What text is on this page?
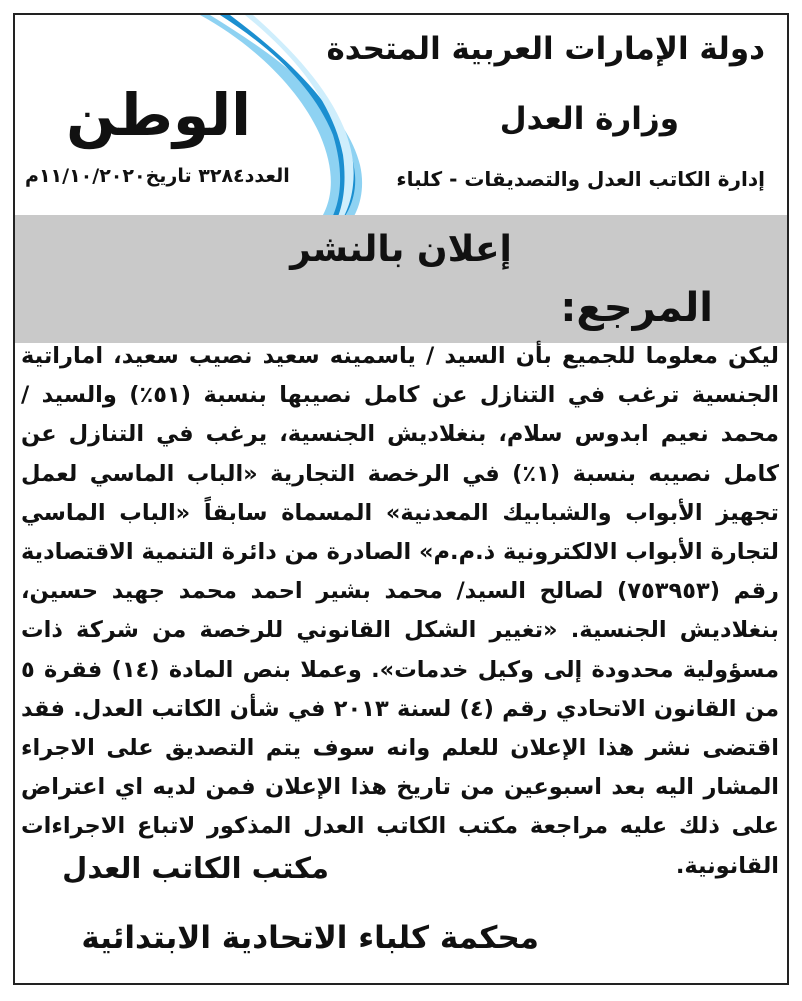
دولة الإمارات العربية المتحدة
وزارة العدل
إدارة الكاتب العدل والتصديقات - كلباء
الوطن
العدد٣٢٨٤ تاريخ١١/١٠/٢٠٢٠م
إعلان بالنشر
المرجع:
ليكن معلوما للجميع بأن السيد / ياسمينه سعيد نصيب سعيد، اماراتية الجنسية ترغب في التنازل عن كامل نصيبها بنسبة (٥١٪) والسيد / محمد نعيم ابدوس سلام، بنغلاديش الجنسية، يرغب في التنازل عن كامل نصيبه بنسبة (١٪) في الرخصة التجارية «الباب الماسي لعمل تجهيز الأبواب والشبابيك المعدنية» المسماة سابقاً «الباب الماسي لتجارة الأبواب الالكترونية ذ.م.م» الصادرة من دائرة التنمية الاقتصادية رقم (٧٥٣٩٥٣) لصالح السيد/ محمد بشير احمد محمد جهيد حسين، بنغلاديش الجنسية. «تغيير الشكل القانوني للرخصة من شركة ذات مسؤولية محدودة إلى وكيل خدمات». وعملا بنص المادة (١٤) فقرة ٥ من القانون الاتحادي رقم (٤) لسنة ٢٠١٣ في شأن الكاتب العدل. فقد اقتضى نشر هذا الإعلان للعلم وانه سوف يتم التصديق على الاجراء المشار اليه بعد اسبوعين من تاريخ هذا الإعلان فمن لديه اي اعتراض على ذلك عليه مراجعة مكتب الكاتب العدل المذكور لاتباع الاجراءات القانونية.
مكتب الكاتب العدل
محكمة كلباء الاتحادية الابتدائية
